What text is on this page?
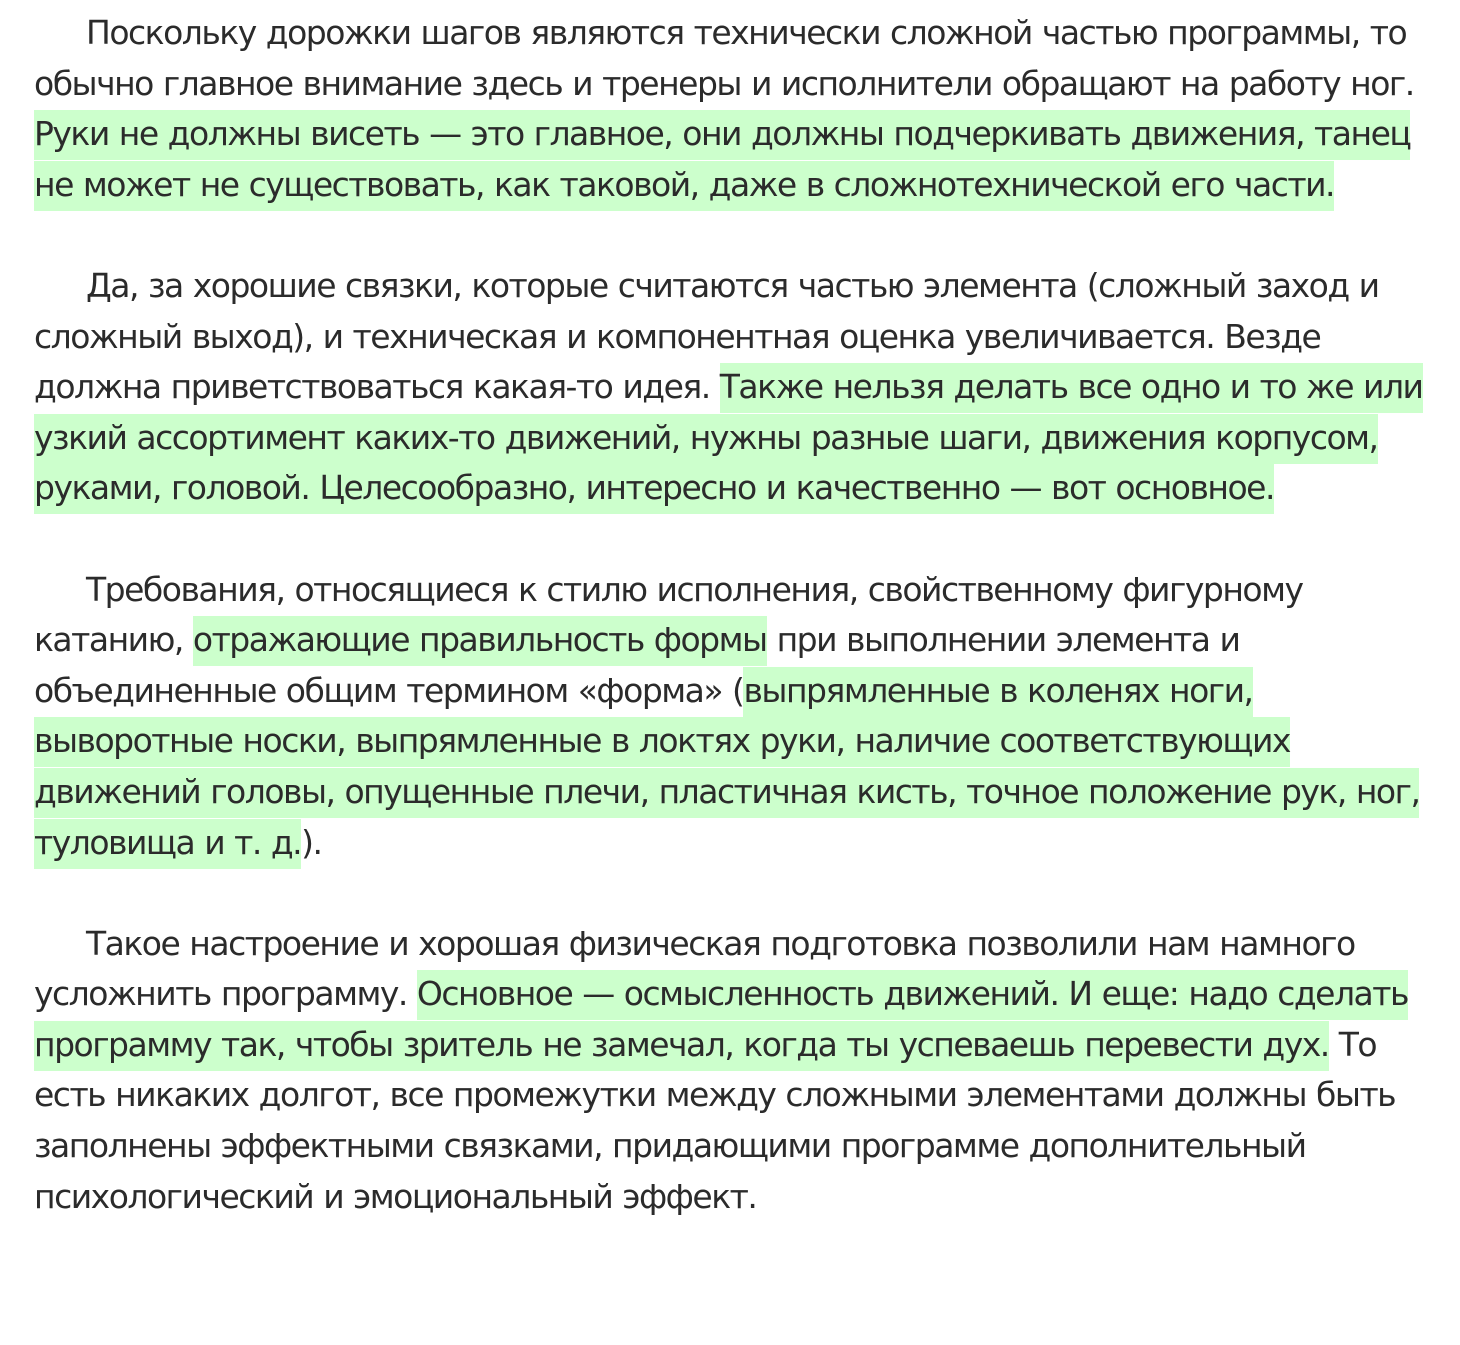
Поскольку дорожки шагов являются технически сложной частью программы, то обычно главное внимание здесь и тренеры и исполнители обращают на работу ног. Руки не должны висеть — это главное, они должны подчеркивать движения, танец не может не существовать, как таковой, даже в сложнотехнической его части.

Да, за хорошие связки, которые считаются частью элемента (сложный заход и сложный выход), и техническая и компонентная оценка увеличивается. Везде должна приветствоваться какая-то идея. Также нельзя делать все одно и то же или узкий ассортимент каких-то движений, нужны разные шаги, движения корпусом, руками, головой. Целесообразно, интересно и качественно — вот основное.

Требования, относящиеся к стилю исполнения, свойственному фигурному катанию, отражающие правильность формы при выполнении элемента и объединенные общим термином «форма» (выпрямленные в коленях ноги, выворотные носки, выпрямленные в локтях руки, наличие соответствующих движений головы, опущенные плечи, пластичная кисть, точное положение рук, ног, туловища и т. д.).

Такое настроение и хорошая физическая подготовка позволили нам намного усложнить программу. Основное — осмысленность движений. И еще: надо сделать программу так, чтобы зритель не замечал, когда ты успеваешь перевести дух. То есть никаких долгот, все промежутки между сложными элементами должны быть заполнены эффектными связками, придающими программе дополнительный психологический и эмоциональный эффект.
